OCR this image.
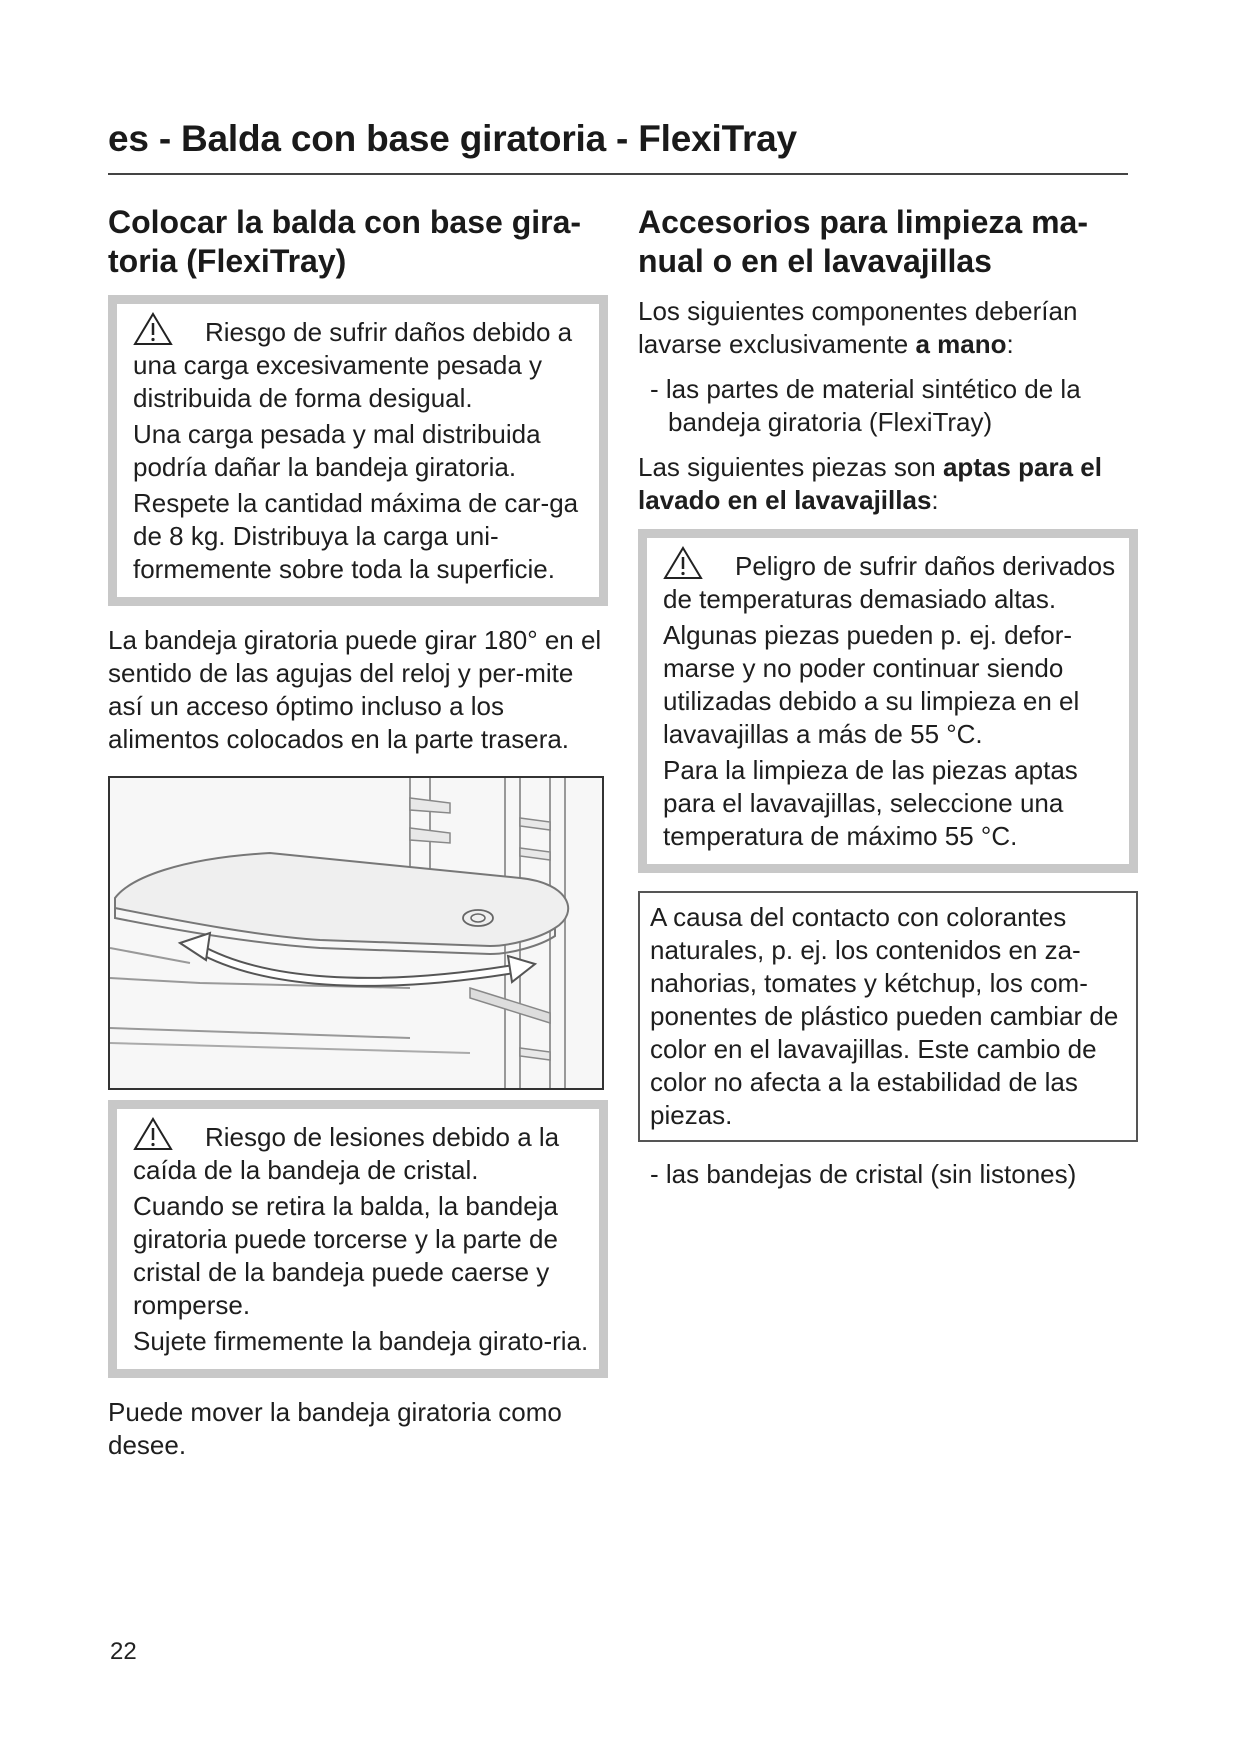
es - Balda con base giratoria - FlexiTray
Colocar la balda con base gira-toria (FlexiTray)

Riesgo de sufrir daños debido a una carga excesivamente pesada y distribuida de forma desigual.

Una carga pesada y mal distribuida podría dañar la bandeja giratoria.

Respete la cantidad máxima de car-ga de 8 kg. Distribuya la carga uni-formemente sobre toda la superficie.

La bandeja giratoria puede girar 180° en el sentido de las agujas del reloj y per-mite así un acceso óptimo incluso a los alimentos colocados en la parte trasera.

Riesgo de lesiones debido a la caída de la bandeja de cristal.

Cuando se retira la balda, la bandeja giratoria puede torcerse y la parte de cristal de la bandeja puede caerse y romperse.

Sujete firmemente la bandeja girato-ria.

Puede mover la bandeja giratoria como desee.

Accesorios para limpieza ma-nual o en el lavavajillas

Los siguientes componentes deberían lavarse exclusivamente a mano:

- las partes de material sintético de la bandeja giratoria (FlexiTray)

Las siguientes piezas son aptas para el lavado en el lavavajillas:

Peligro de sufrir daños derivados de temperaturas demasiado altas.

Algunas piezas pueden p. ej. defor-marse y no poder continuar siendo utilizadas debido a su limpieza en el lavavajillas a más de 55 °C.

Para la limpieza de las piezas aptas para el lavavajillas, seleccione una temperatura de máximo 55 °C.

A causa del contacto con colorantes naturales, p. ej. los contenidos en za-nahorias, tomates y kétchup, los com-ponentes de plástico pueden cambiar de color en el lavavajillas. Este cambio de color no afecta a la estabilidad de las piezas.

- las bandejas de cristal (sin listones)

22
